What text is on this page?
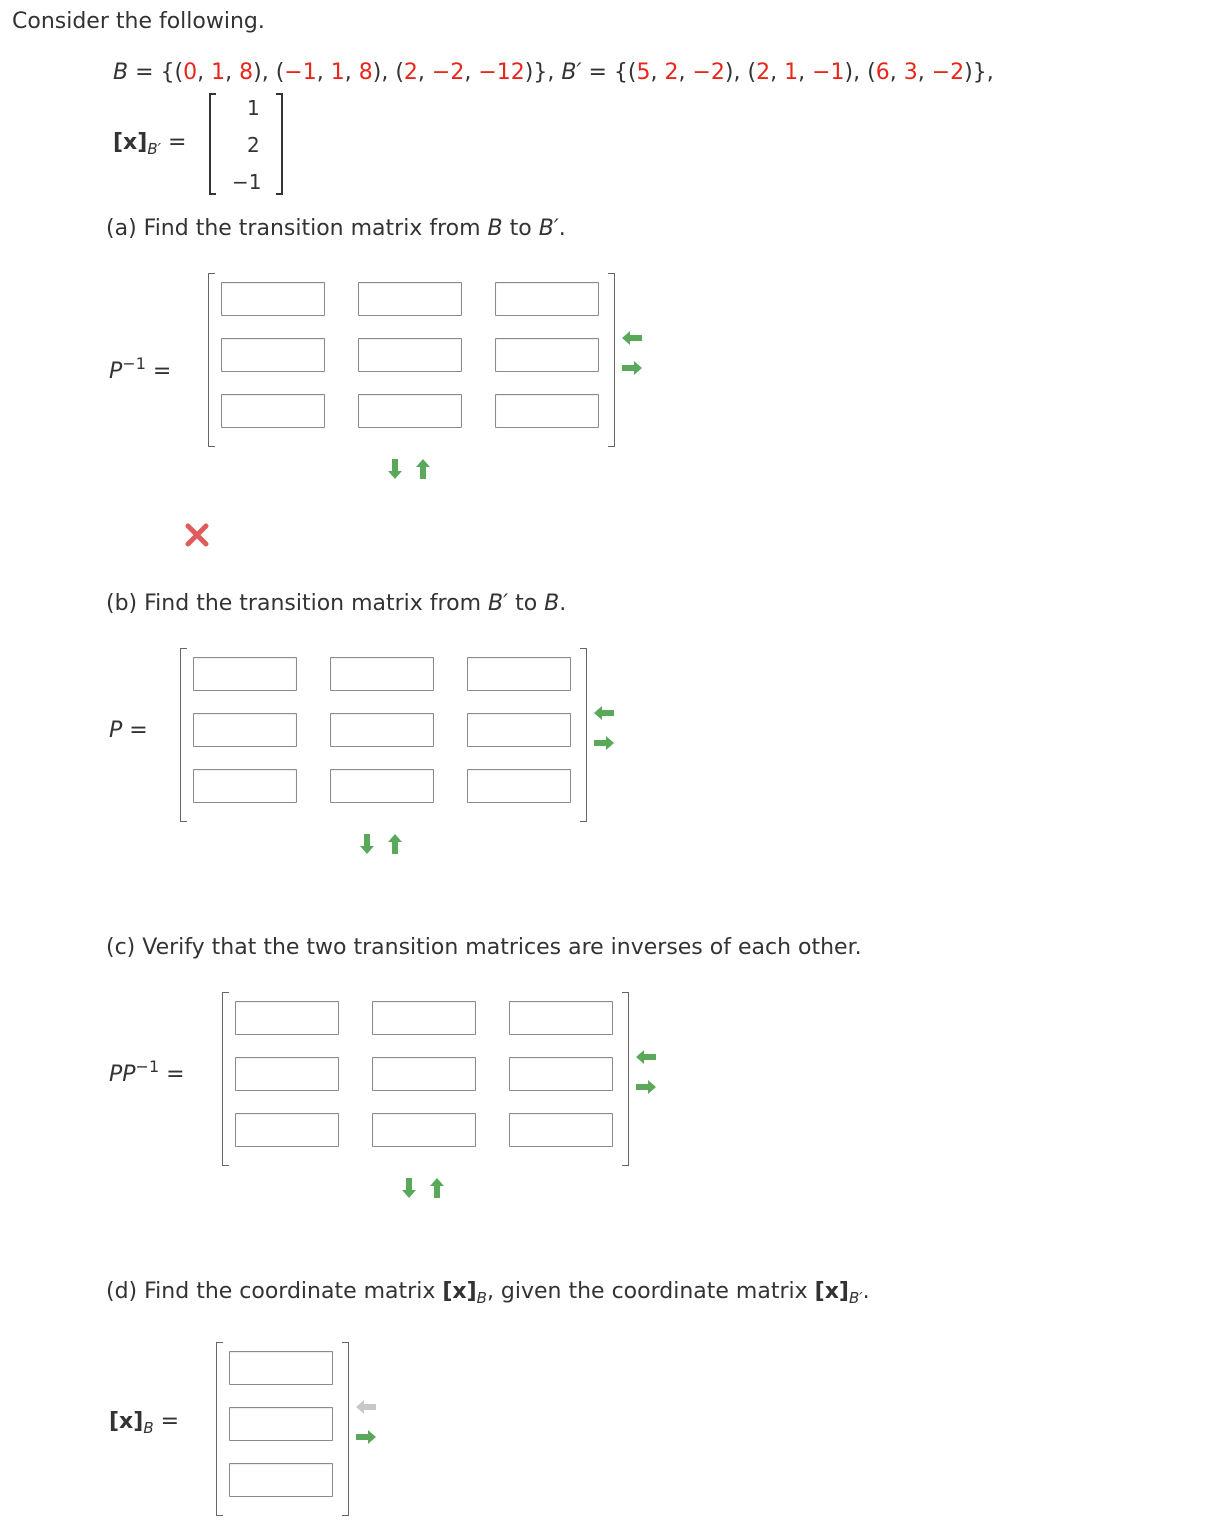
Consider the following.
B = {(0, 1, 8), (−1, 1, 8), (2, −2, −12)}, B′ = {(5, 2, −2), (2, 1, −1), (6, 3, −2)},
$[x]_{B'}$ =
1
2
−1
(a) Find the transition matrix from B to B′.
$P^{-1}$ =
(b) Find the transition matrix from B′ to B.
P =
(c) Verify that the two transition matrices are inverses of each other.
$PP^{-1}$ =
(d) Find the coordinate matrix $[x]_B$, given the coordinate matrix $[x]_{B'}$.
$[x]_B$ =
